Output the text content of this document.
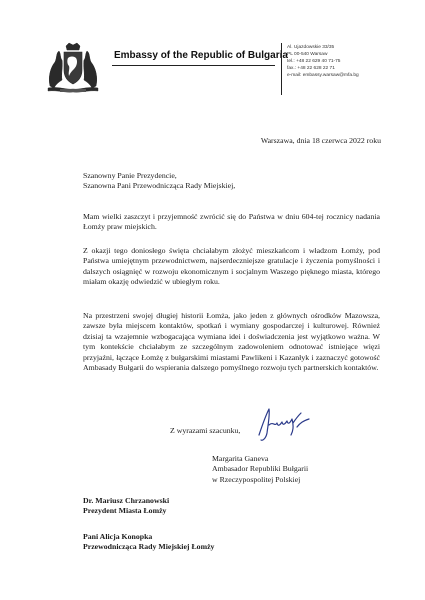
Embassy of the Republic of Bulgaria
Al. Ujazdowskie 33/35
PL 00-540 Warsaw
tel.: +48 22 629 40 71-75
fax.: +48 22 628 22 71
e-mail: embassy.warsaw@mfa.bg
Warszawa, dnia 18 czerwca 2022 roku
Szanowny Panie Prezydencie,
Szanowna Pani Przewodnicząca Rady Miejskiej,
Mam wielki zaszczyt i przyjemność zwrócić się do Państwa w dniu 604-tej rocznicy nadania Łomży praw miejskich.
Z okazji tego doniosłego święta chciałabym złożyć mieszkańcom i władzom Łomży, pod Państwa umiejętnym przewodnictwem, najserdeczniejsze gratulacje i życzenia pomyślności i dalszych osiągnięć w rozwoju ekonomicznym i socjalnym Waszego pięknego miasta, którego miałam okazję odwiedzić w ubiegłym roku.
Na przestrzeni swojej długiej historii Łomża, jako jeden z głównych ośrodków Mazowsza, zawsze była miejscem kontaktów, spotkań i wymiany gospodarczej i kulturowej. Również dzisiaj ta wzajemnie wzbogacająca wymiana idei i doświadczenia jest wyjątkowo ważna. W tym kontekście chciałabym ze szczególnym zadowoleniem odnotować istniejące więzi przyjaźni, łączące Łomżę z bułgarskimi miastami Pawlikeni i Kazanłyk i zaznaczyć gotowość Ambasady Bułgarii do wspierania dalszego pomyślnego rozwoju tych partnerskich kontaktów.
Z wyrazami szacunku,
Margarita Ganeva
Ambasador Republiki Bułgarii
w Rzeczypospolitej Polskiej
Dr. Mariusz Chrzanowski
Prezydent Miasta Łomży
Pani Alicja Konopka
Przewodnicząca Rady Miejskiej Łomży
